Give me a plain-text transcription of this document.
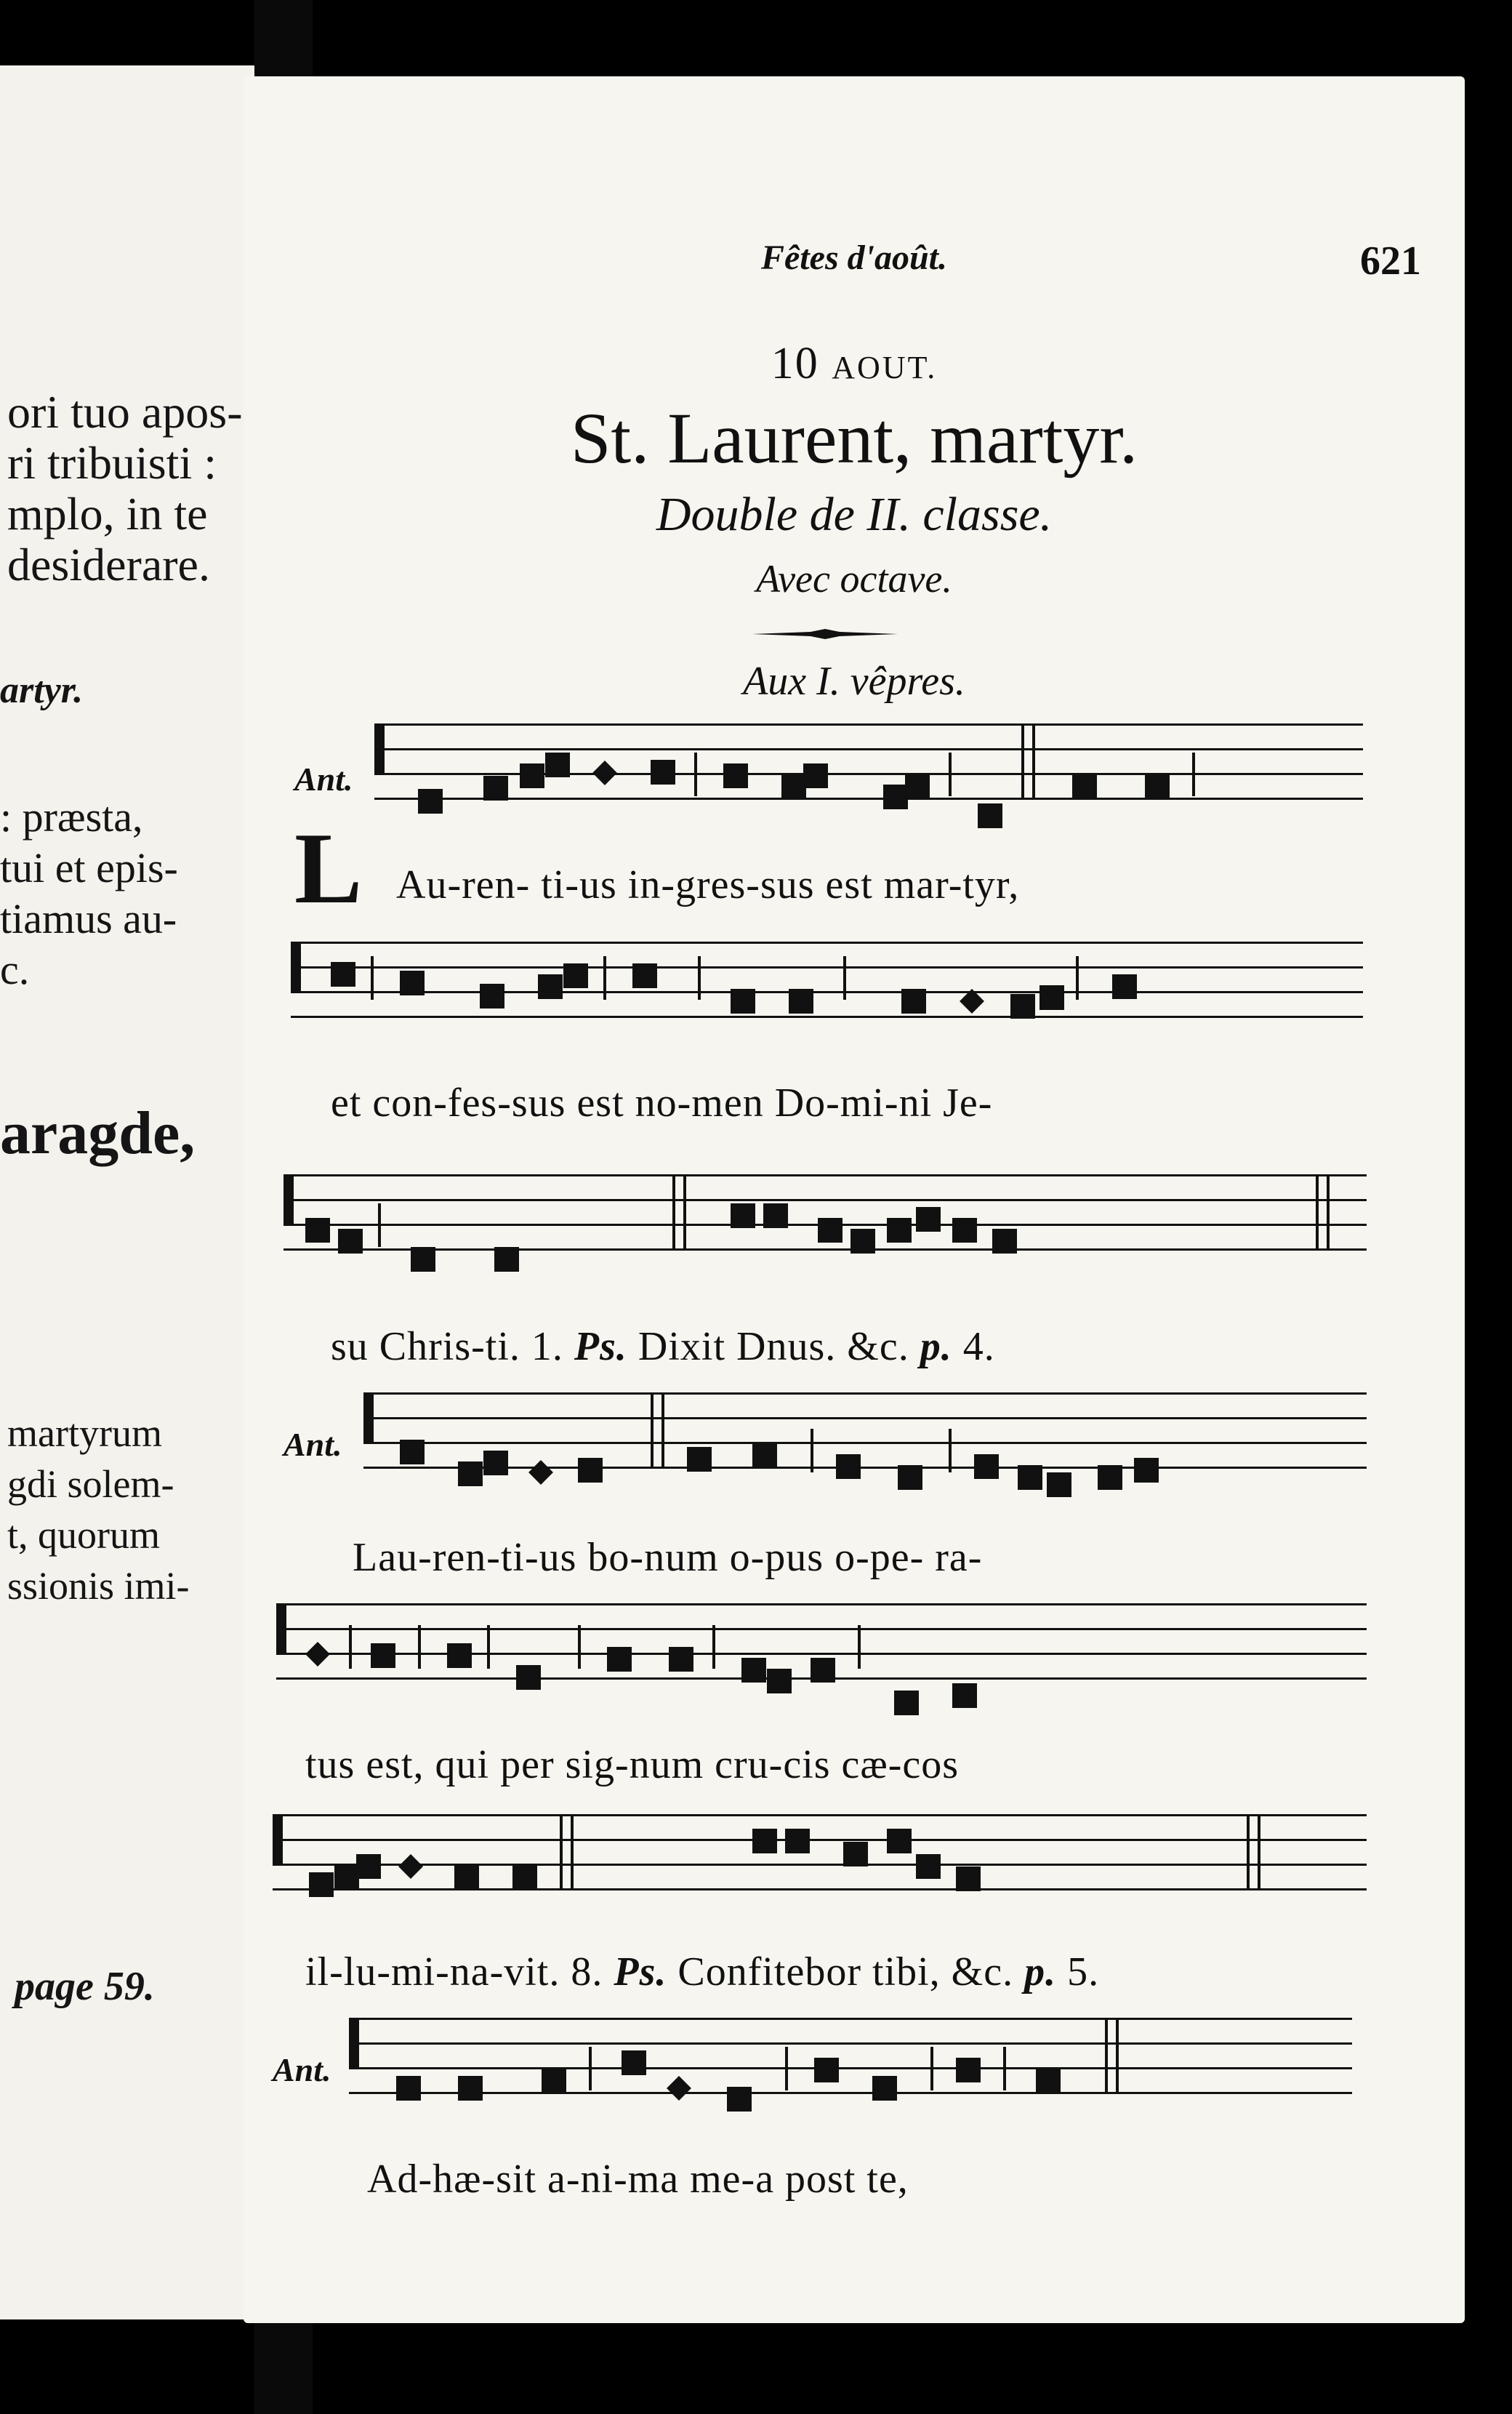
ori tuo apos-
ri tribuisti :
mplo, in te
desiderare.
artyr.
: præsta,
tui et epis-
tiamus au-
c.
aragde,
martyrum
gdi solem-
t, quorum
ssionis imi-
page 59.
Fêtes d'août.	621
10 AOUT.
St. Laurent, martyr.
Double de II. classe.
Avec octave.
Aux I. vêpres.
Ant.
L Au-ren- ti-us in-gres-sus est mar-tyr,
et con-fes-sus est no-men Do-mi-ni Je-
su Chris-ti. 1. Ps. Dixit Dnus. &c. p. 4.
Ant.
Lau-ren-ti-us bo-num o-pus o-pe- ra-
tus est, qui per sig-num cru-cis cæ-cos
il-lu-mi-na-vit. 8. Ps. Confitebor tibi, &c. p. 5.
Ant.
Ad-hæ-sit a-ni-ma me-a post te,
